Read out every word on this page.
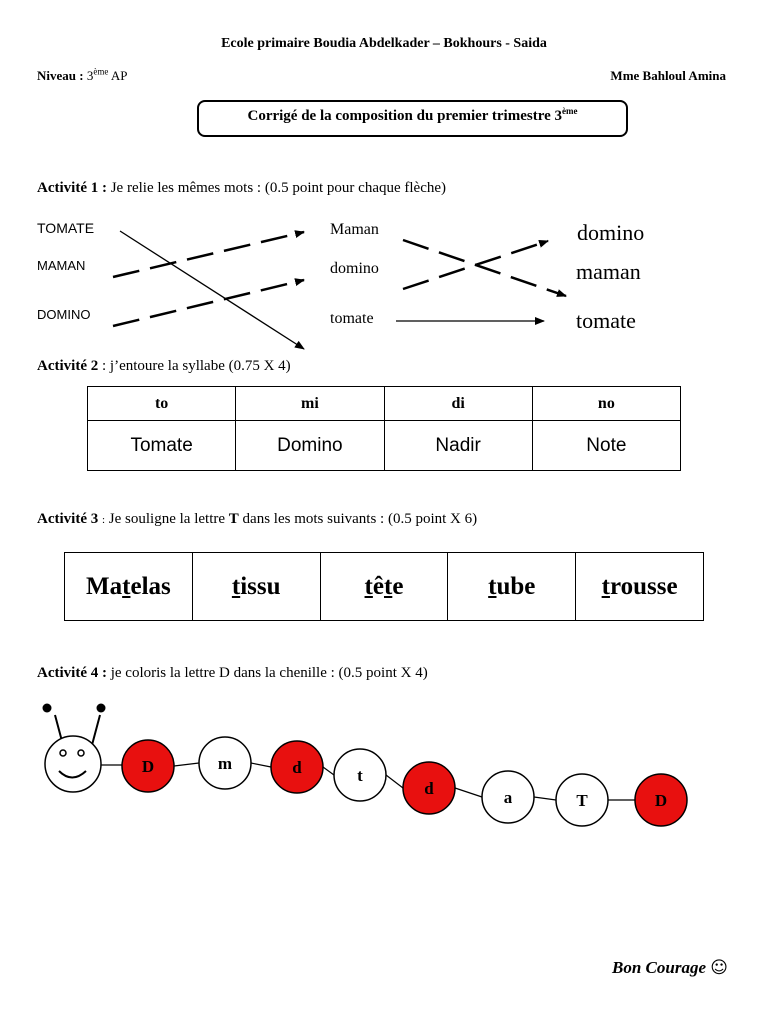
Ecole primaire Boudia Abdelkader – Bokhours - Saida
Niveau : 3ème AP	Mme Bahloul Amina
Corrigé de la composition du premier trimestre 3ème
Activité 1 : Je relie les mêmes mots : (0.5 point pour chaque flèche)
TOMATE
MAMAN
DOMINO
Maman
domino
tomate
domino
maman
tomate
Activité 2 : j’entoure la syllabe (0.75 X 4)
to	mi	di	no
Tomate	Domino	Nadir	Note
Activité 3 : Je souligne la lettre T dans les mots suivants : (0.5 point X 6)
Matelas	tissu	tête	tube	trousse
Activité 4 : je coloris la lettre D dans la chenille : (0.5 point X 4)
D	m	d	t
d	a	T	D
Bon Courage ☺
